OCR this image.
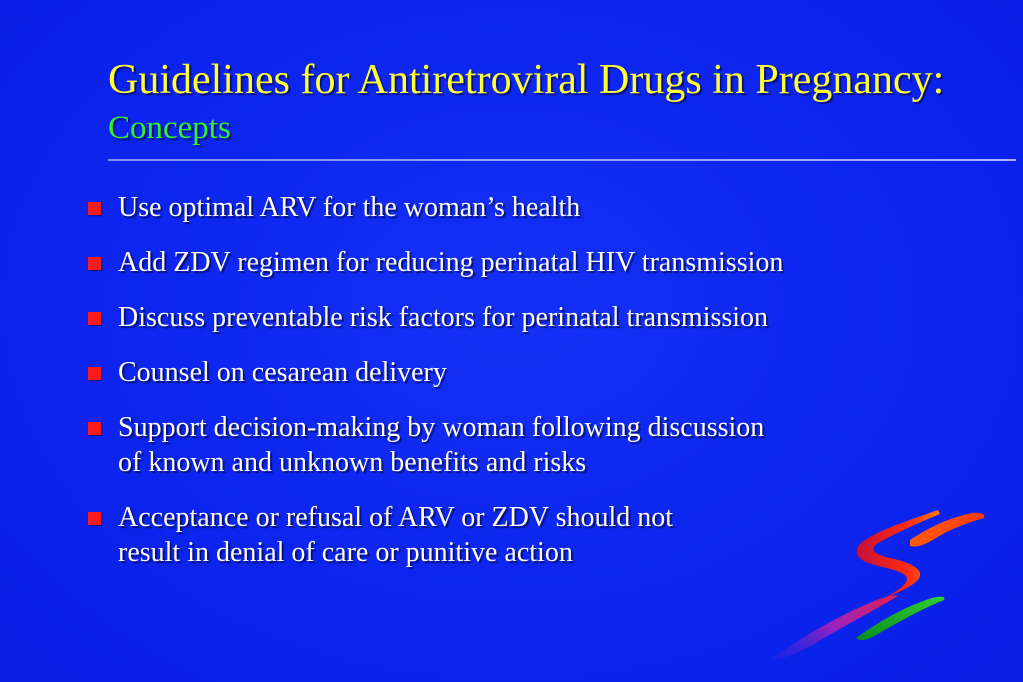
Guidelines for Antiretroviral Drugs in Pregnancy: Concepts
Use optimal ARV for the woman’s health
Add ZDV regimen for reducing perinatal HIV transmission
Discuss preventable risk factors for perinatal transmission
Counsel on cesarean delivery
Support decision-making by woman following discussion
of known and unknown benefits and risks
Acceptance or refusal of ARV or ZDV should not
result in denial of care or punitive action
